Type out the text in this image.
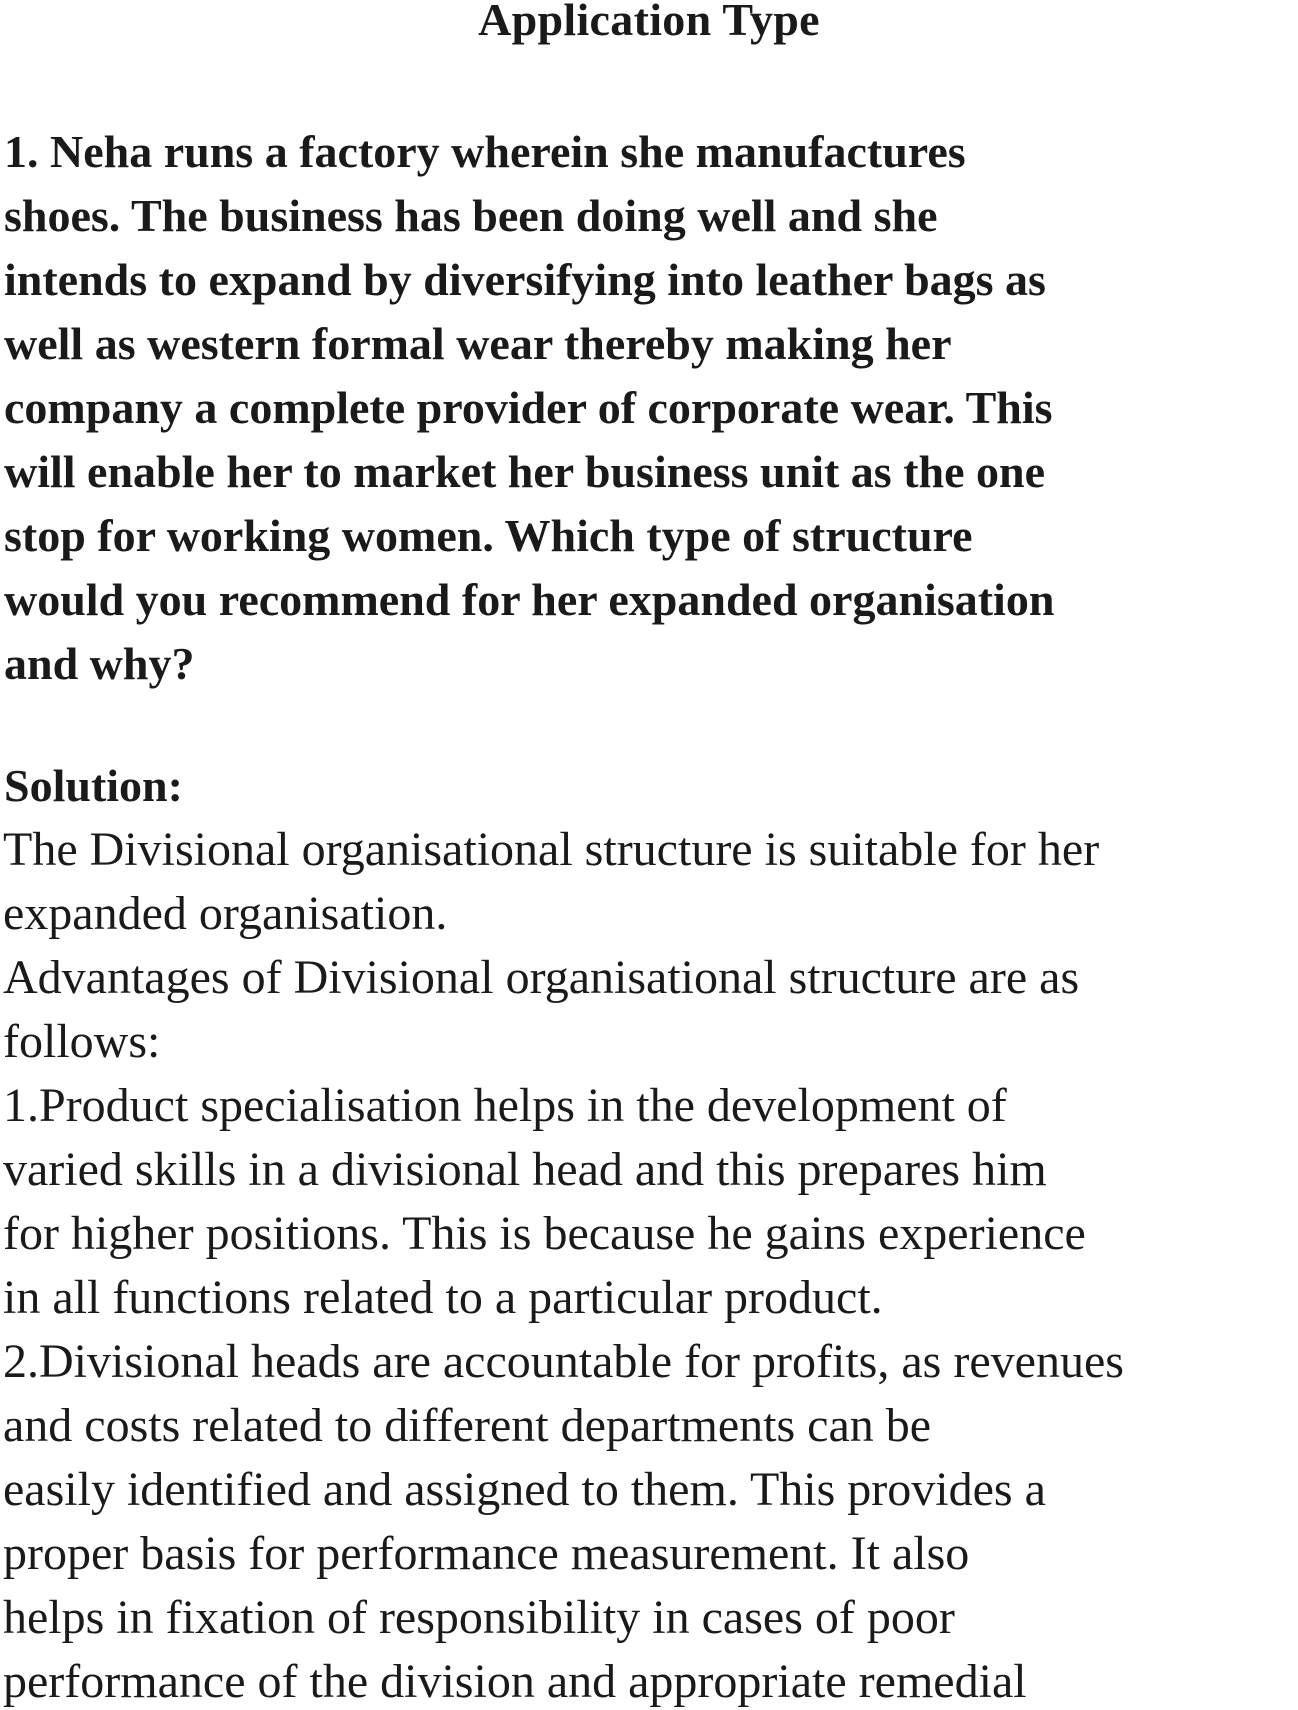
Application Type
1. Neha runs a factory wherein she manufactures
shoes. The business has been doing well and she
intends to expand by diversifying into leather bags as
well as western formal wear thereby making her
company a complete provider of corporate wear. This
will enable her to market her business unit as the one
stop for working women. Which type of structure
would you recommend for her expanded organisation
and why?
Solution:
The Divisional organisational structure is suitable for her
expanded organisation.
Advantages of Divisional organisational structure are as
follows:
1.Product specialisation helps in the development of
varied skills in a divisional head and this prepares him
for higher positions. This is because he gains experience
in all functions related to a particular product.
2.Divisional heads are accountable for profits, as revenues
and costs related to different departments can be
easily identified and assigned to them. This provides a
proper basis for performance measurement. It also
helps in fixation of responsibility in cases of poor
performance of the division and appropriate remedial
